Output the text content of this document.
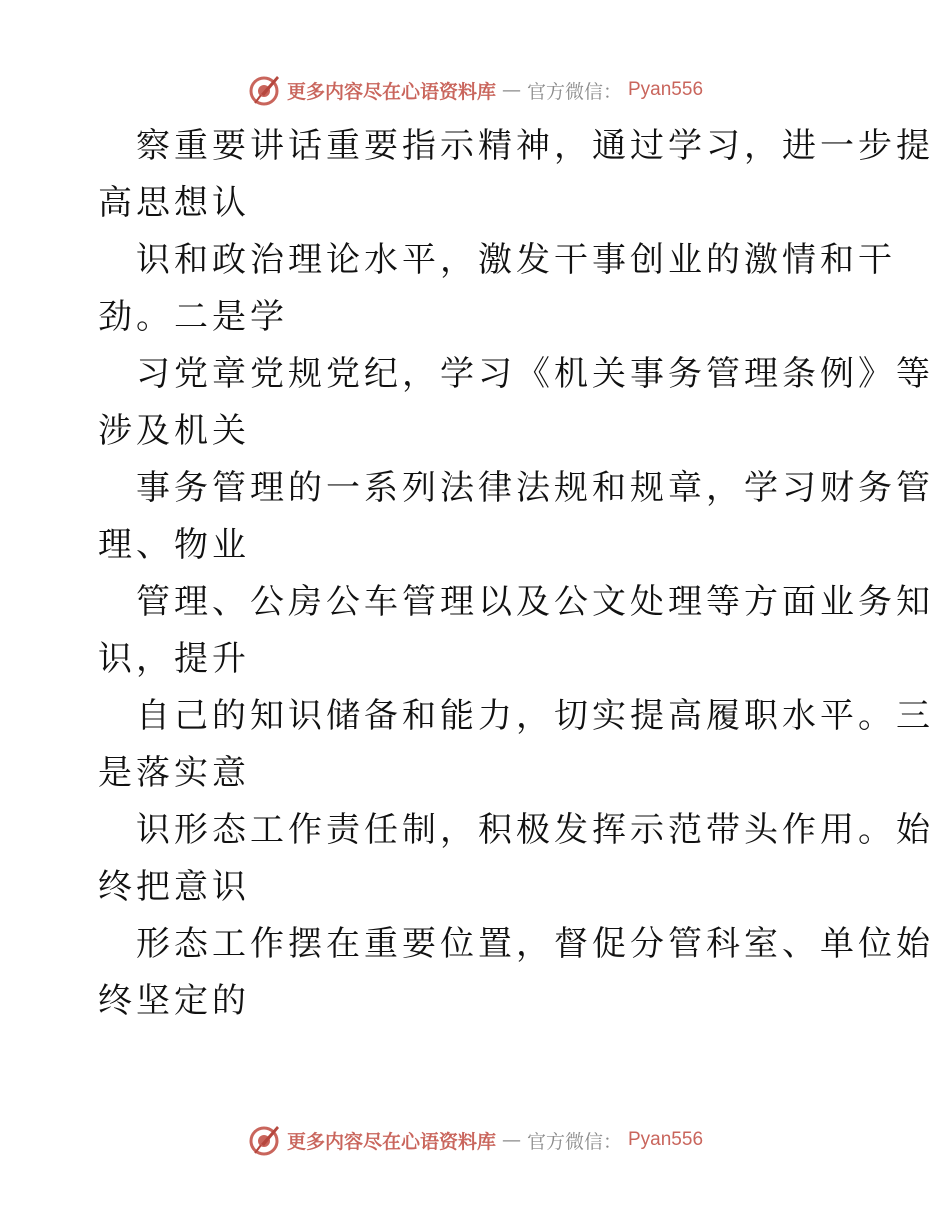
更多内容尽在心语资料库 — 官方微信： Pyan556
察重要讲话重要指示精神，通过学习，进一步提
高思想认
识和政治理论水平，激发干事创业的激情和干
劲。二是学
习党章党规党纪，学习《机关事务管理条例》等
涉及机关
事务管理的一系列法律法规和规章，学习财务管
理、物业
管理、公房公车管理以及公文处理等方面业务知
识，提升
自己的知识储备和能力，切实提高履职水平。三
是落实意
识形态工作责任制，积极发挥示范带头作用。始
终把意识
形态工作摆在重要位置，督促分管科室、单位始
终坚定的
更多内容尽在心语资料库 — 官方微信： Pyan556
